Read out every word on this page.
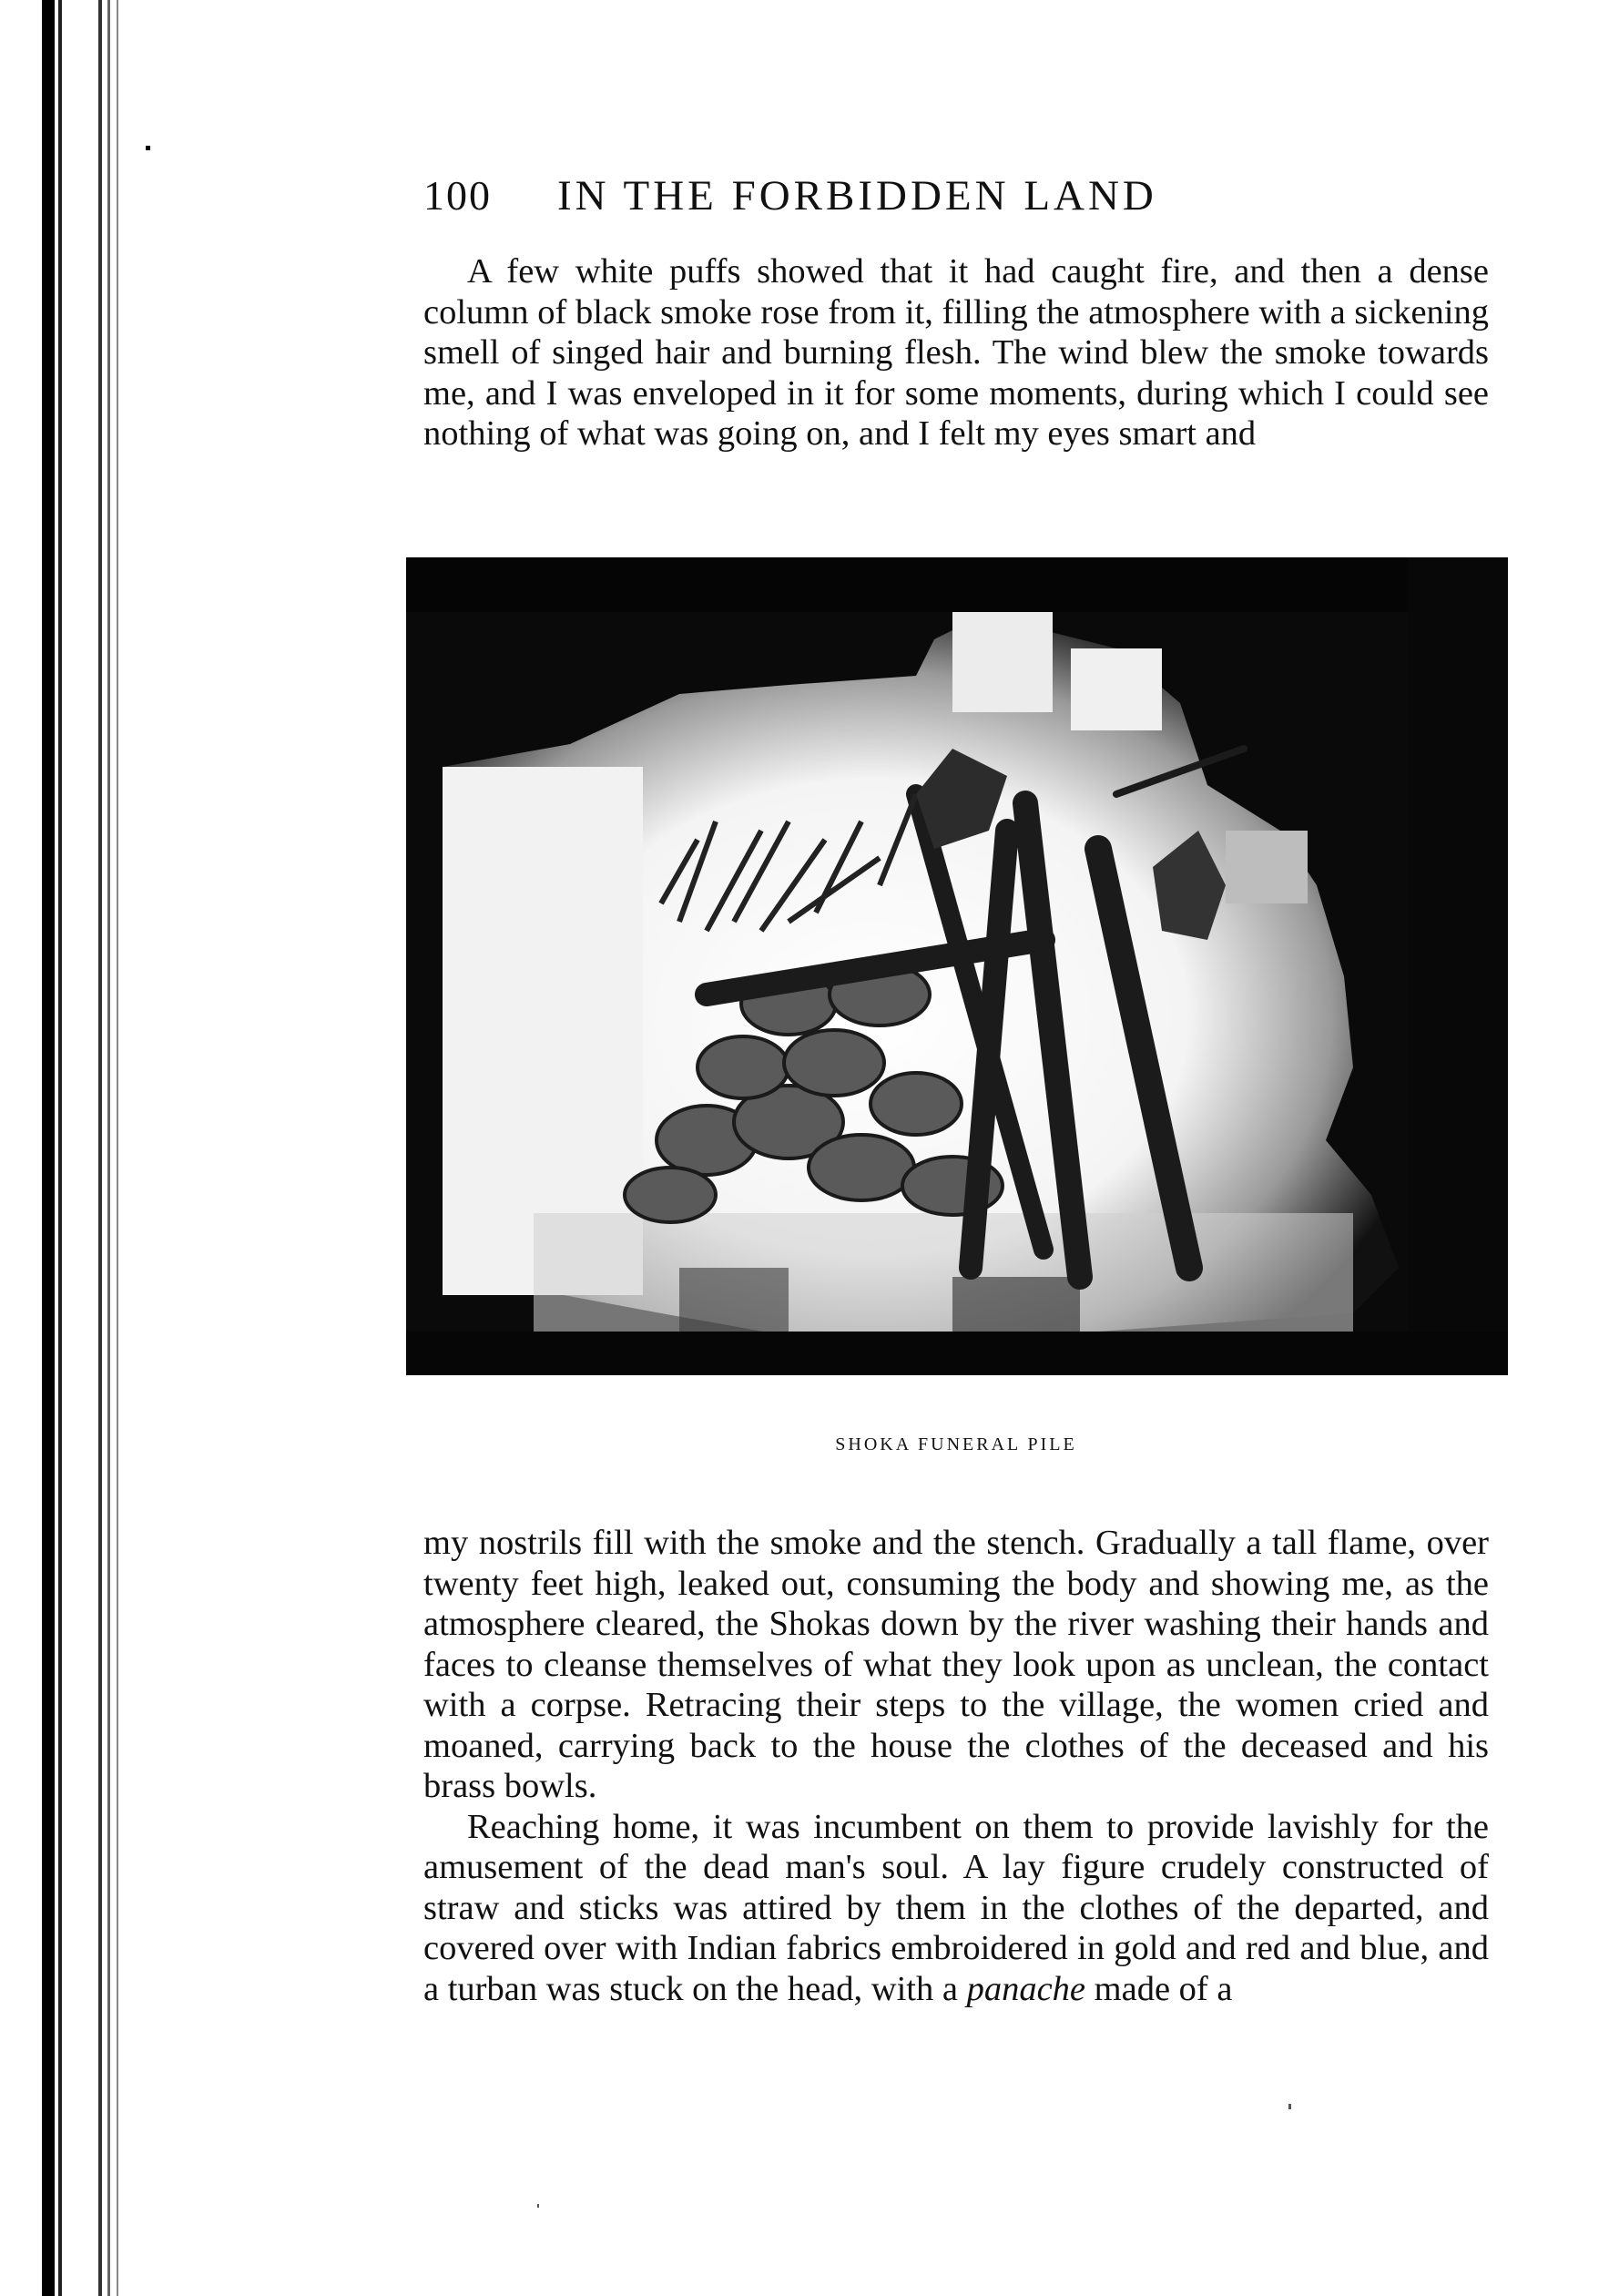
100 IN THE FORBIDDEN LAND

A few white puffs showed that it had caught fire, and then a dense column of black smoke rose from it, filling the atmosphere with a sickening smell of singed hair and burning flesh. The wind blew the smoke towards me, and I was enveloped in it for some moments, during which I could see nothing of what was going on, and I felt my eyes smart and

SHOKA FUNERAL PILE

my nostrils fill with the smoke and the stench. Gradually a tall flame, over twenty feet high, leaked out, consuming the body and showing me, as the atmosphere cleared, the Shokas down by the river washing their hands and faces to cleanse themselves of what they look upon as unclean, the contact with a corpse. Retracing their steps to the village, the women cried and moaned, carrying back to the house the clothes of the deceased and his brass bowls.

Reaching home, it was incumbent on them to provide lavishly for the amusement of the dead man's soul. A lay figure crudely constructed of straw and sticks was attired by them in the clothes of the departed, and covered over with Indian fabrics embroidered in gold and red and blue, and a turban was stuck on the head, with a panache made of a
